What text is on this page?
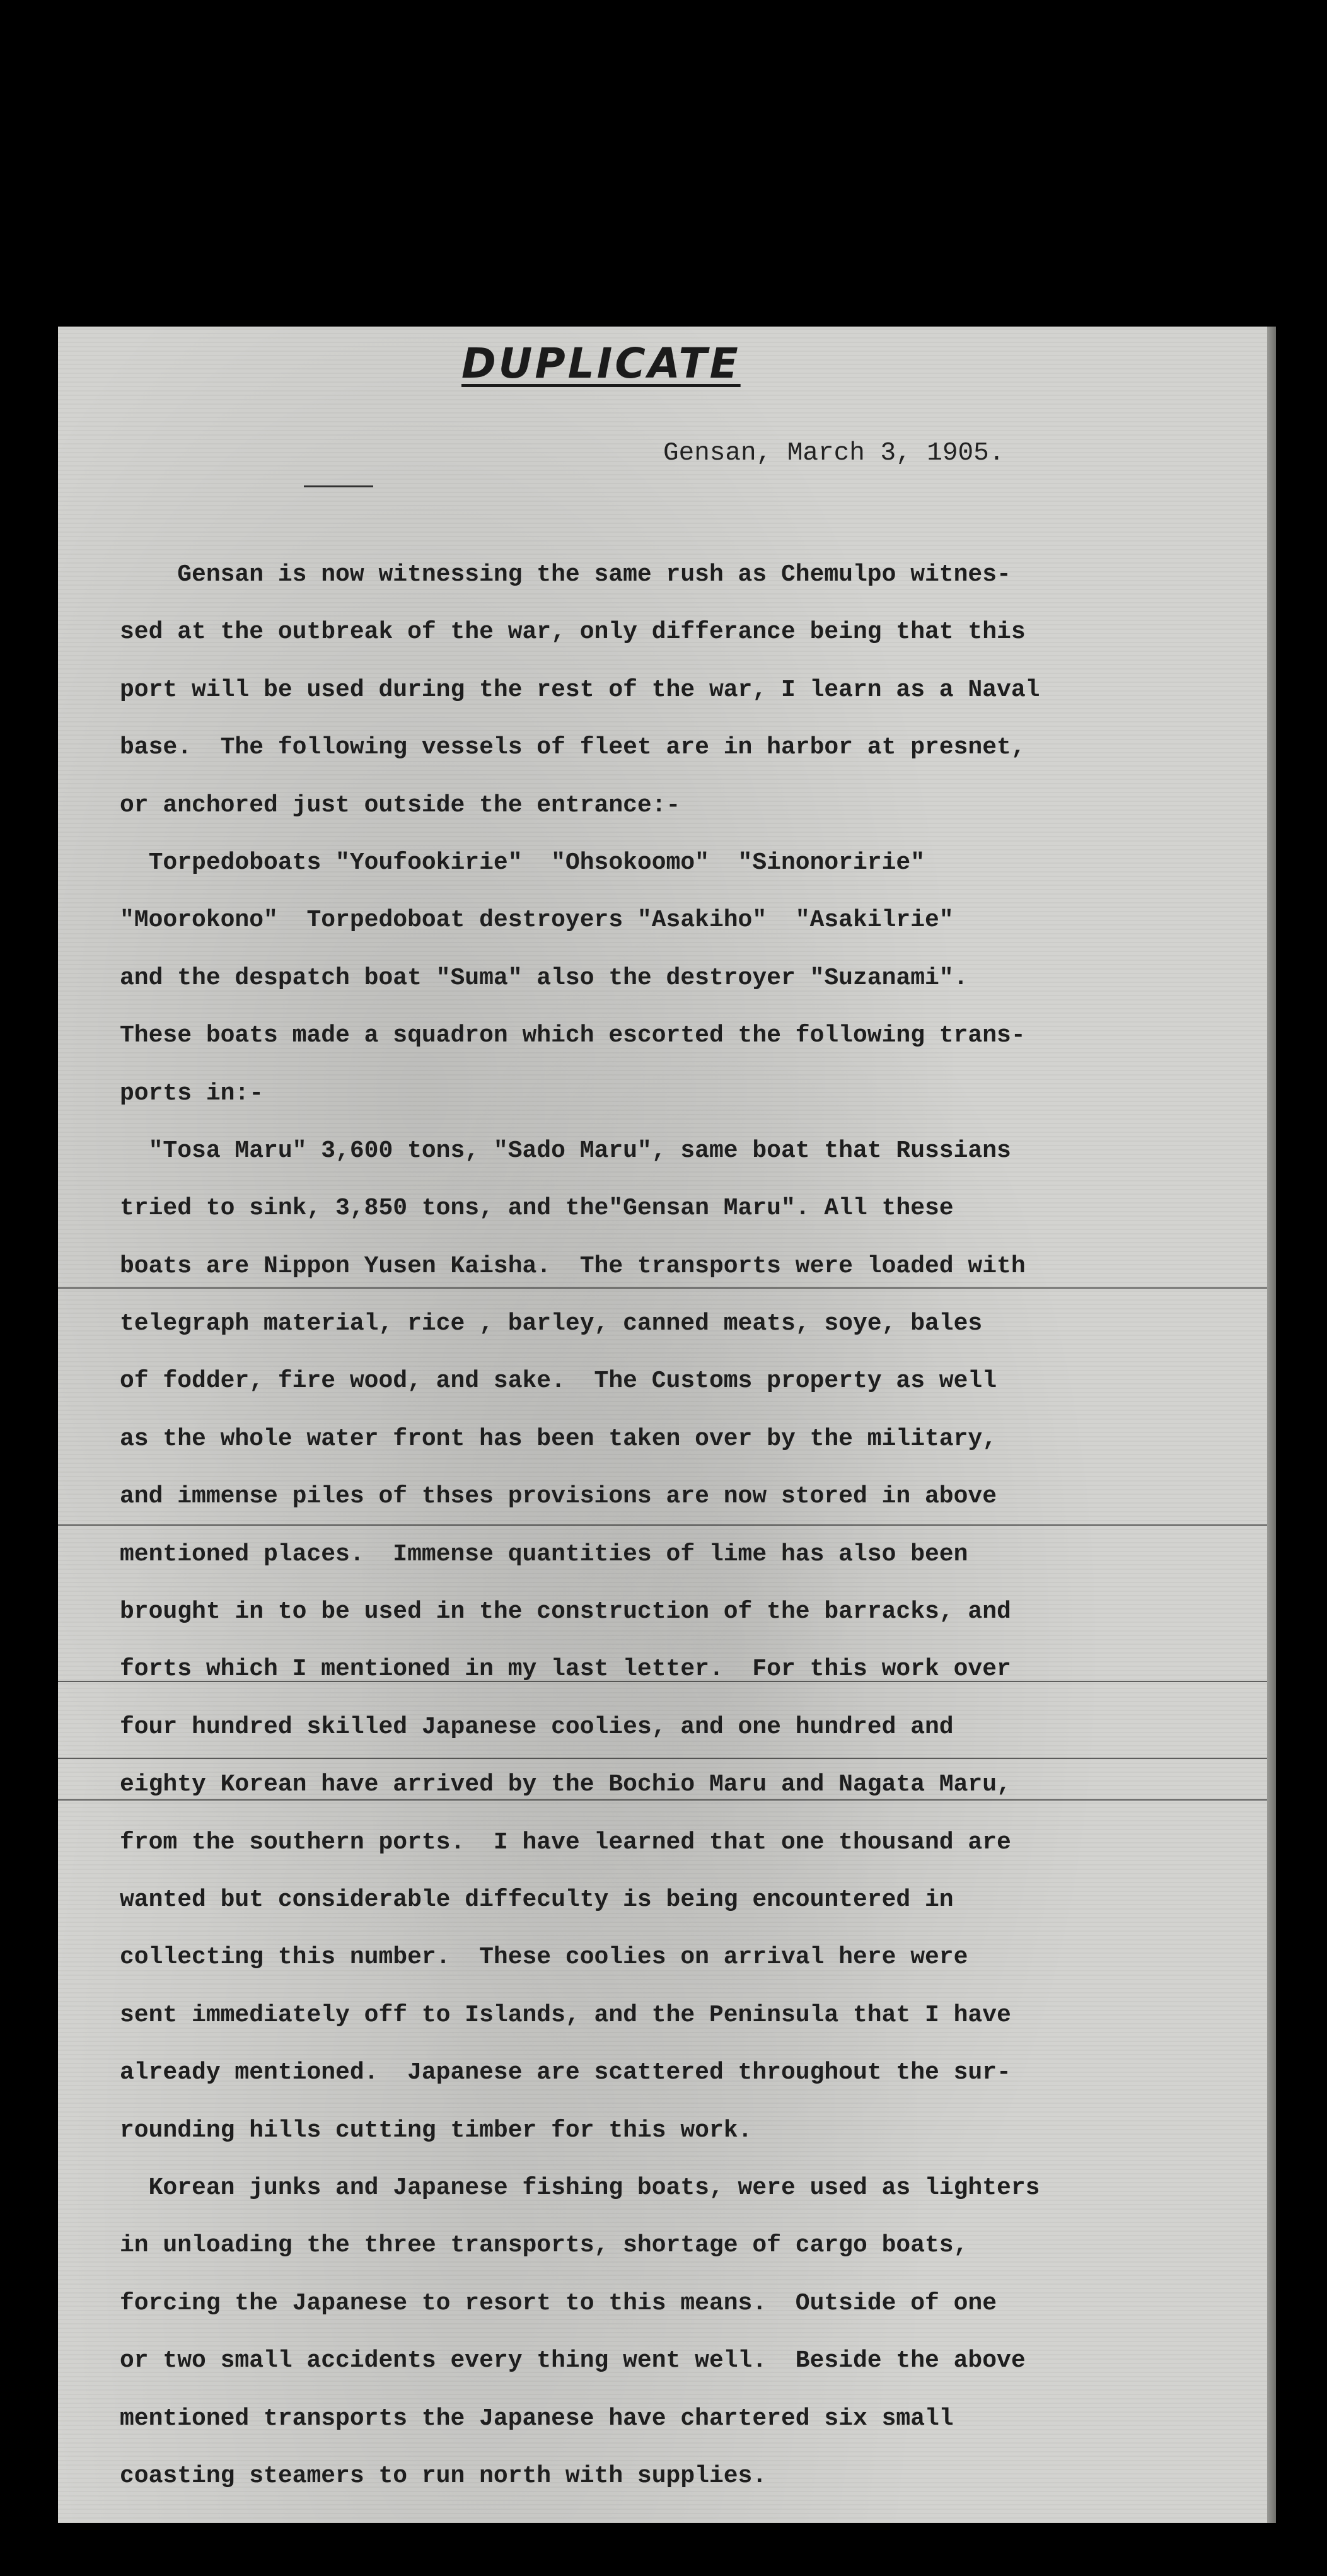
DUPLICATE
Gensan, March 3, 1905.
Gensan is now witnessing the same rush as Chemulpo witnes-
sed at the outbreak of the war, only differance being that this
port will be used during the rest of the war, I learn as a Naval
base.  The following vessels of fleet are in harbor at presnet,
or anchored just outside the entrance:-
Torpedoboats "Youfookirie"  "Ohsokoomo"  "Sinonoririe"
"Moorokono"  Torpedoboat destroyers "Asakiho"  "Asakilrie"
and the despatch boat "Suma" also the destroyer "Suzanami".
These boats made a squadron which escorted the following trans-
ports in:-
"Tosa Maru" 3,600 tons, "Sado Maru", same boat that Russians
tried to sink, 3,850 tons, and the"Gensan Maru". All these
boats are Nippon Yusen Kaisha.  The transports were loaded with
telegraph material, rice , barley, canned meats, soye, bales
of fodder, fire wood, and sake.  The Customs property as well
as the whole water front has been taken over by the military,
and immense piles of thses provisions are now stored in above
mentioned places.  Immense quantities of lime has also been
brought in to be used in the construction of the barracks, and
forts which I mentioned in my last letter.  For this work over
four hundred skilled Japanese coolies, and one hundred and
eighty Korean have arrived by the Bochio Maru and Nagata Maru,
from the southern ports.  I have learned that one thousand are
wanted but considerable diffeculty is being encountered in
collecting this number.  These coolies on arrival here were
sent immediately off to Islands, and the Peninsula that I have
already mentioned.  Japanese are scattered throughout the sur-
rounding hills cutting timber for this work.
Korean junks and Japanese fishing boats, were used as lighters
in unloading the three transports, shortage of cargo boats,
forcing the Japanese to resort to this means.  Outside of one
or two small accidents every thing went well.  Beside the above
mentioned transports the Japanese have chartered six small
coasting steamers to run north with supplies.
